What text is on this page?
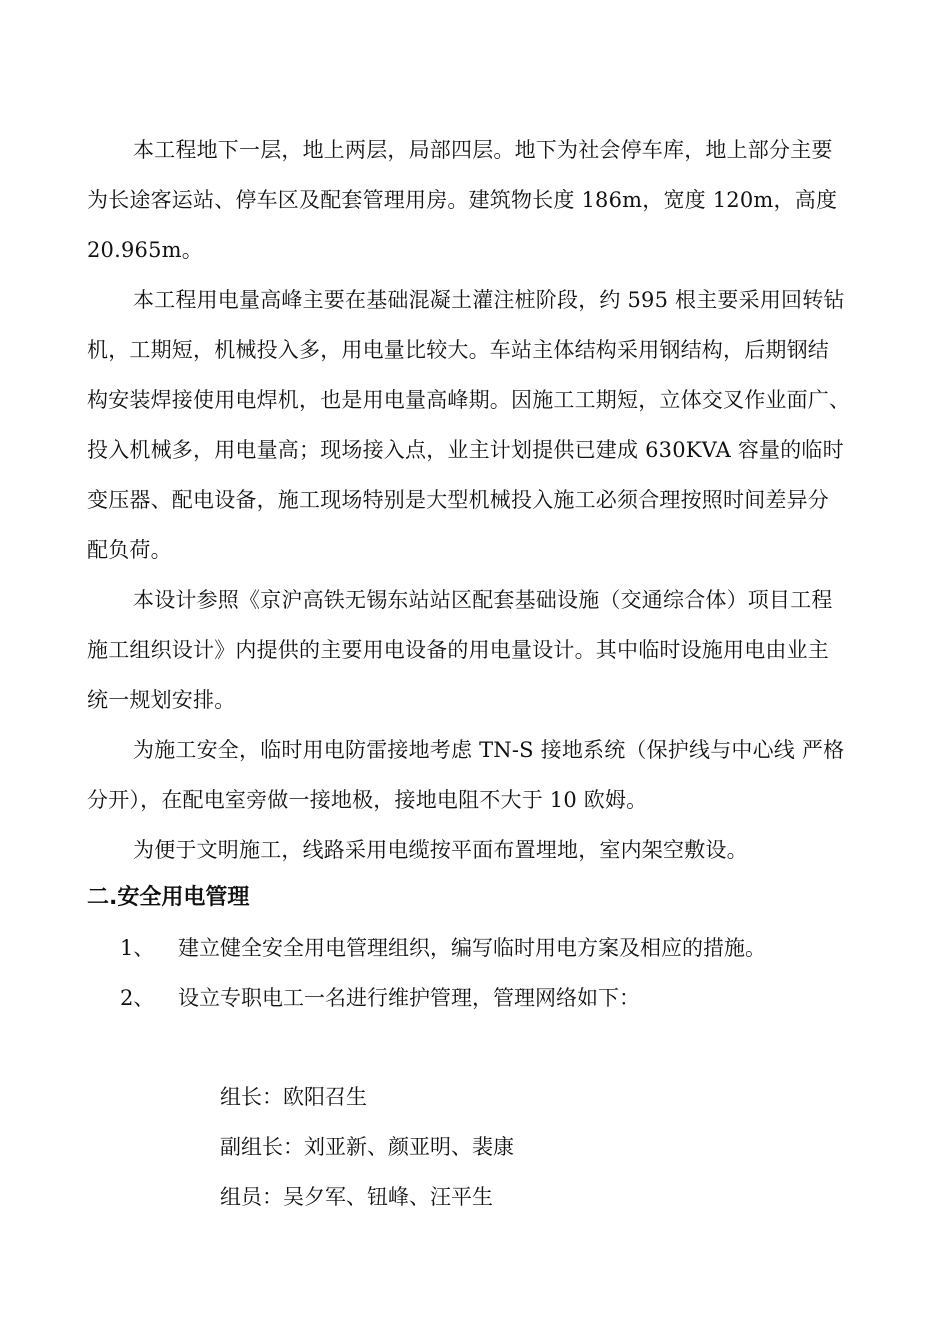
本工程地下一层，地上两层，局部四层。地下为社会停车库，地上部分主要
为长途客运站、停车区及配套管理用房。建筑物长度 186m，宽度 120m，高度
20.965m。
本工程用电量高峰主要在基础混凝土灌注桩阶段，约 595 根主要采用回转钻
机，工期短，机械投入多，用电量比较大。车站主体结构采用钢结构，后期钢结
构安装焊接使用电焊机，也是用电量高峰期。因施工工期短，立体交叉作业面广、
投入机械多，用电量高；现场接入点，业主计划提供已建成 630KVA 容量的临时
变压器、配电设备，施工现场特别是大型机械投入施工必须合理按照时间差异分
配负荷。
本设计参照《京沪高铁无锡东站站区配套基础设施（交通综合体）项目工程
施工组织设计》内提供的主要用电设备的用电量设计。其中临时设施用电由业主
统一规划安排。
为施工安全，临时用电防雷接地考虑 TN-S 接地系统（保护线与中心线 严格
分开），在配电室旁做一接地极，接地电阻不大于 10 欧姆。
为便于文明施工，线路采用电缆按平面布置埋地，室内架空敷设。
二.安全用电管理
1、 建立健全安全用电管理组织，编写临时用电方案及相应的措施。
2、 设立专职电工一名进行维护管理，管理网络如下：
组长：欧阳召生
副组长：刘亚新、颜亚明、裴康
组员：吴夕军、钮峰、汪平生
